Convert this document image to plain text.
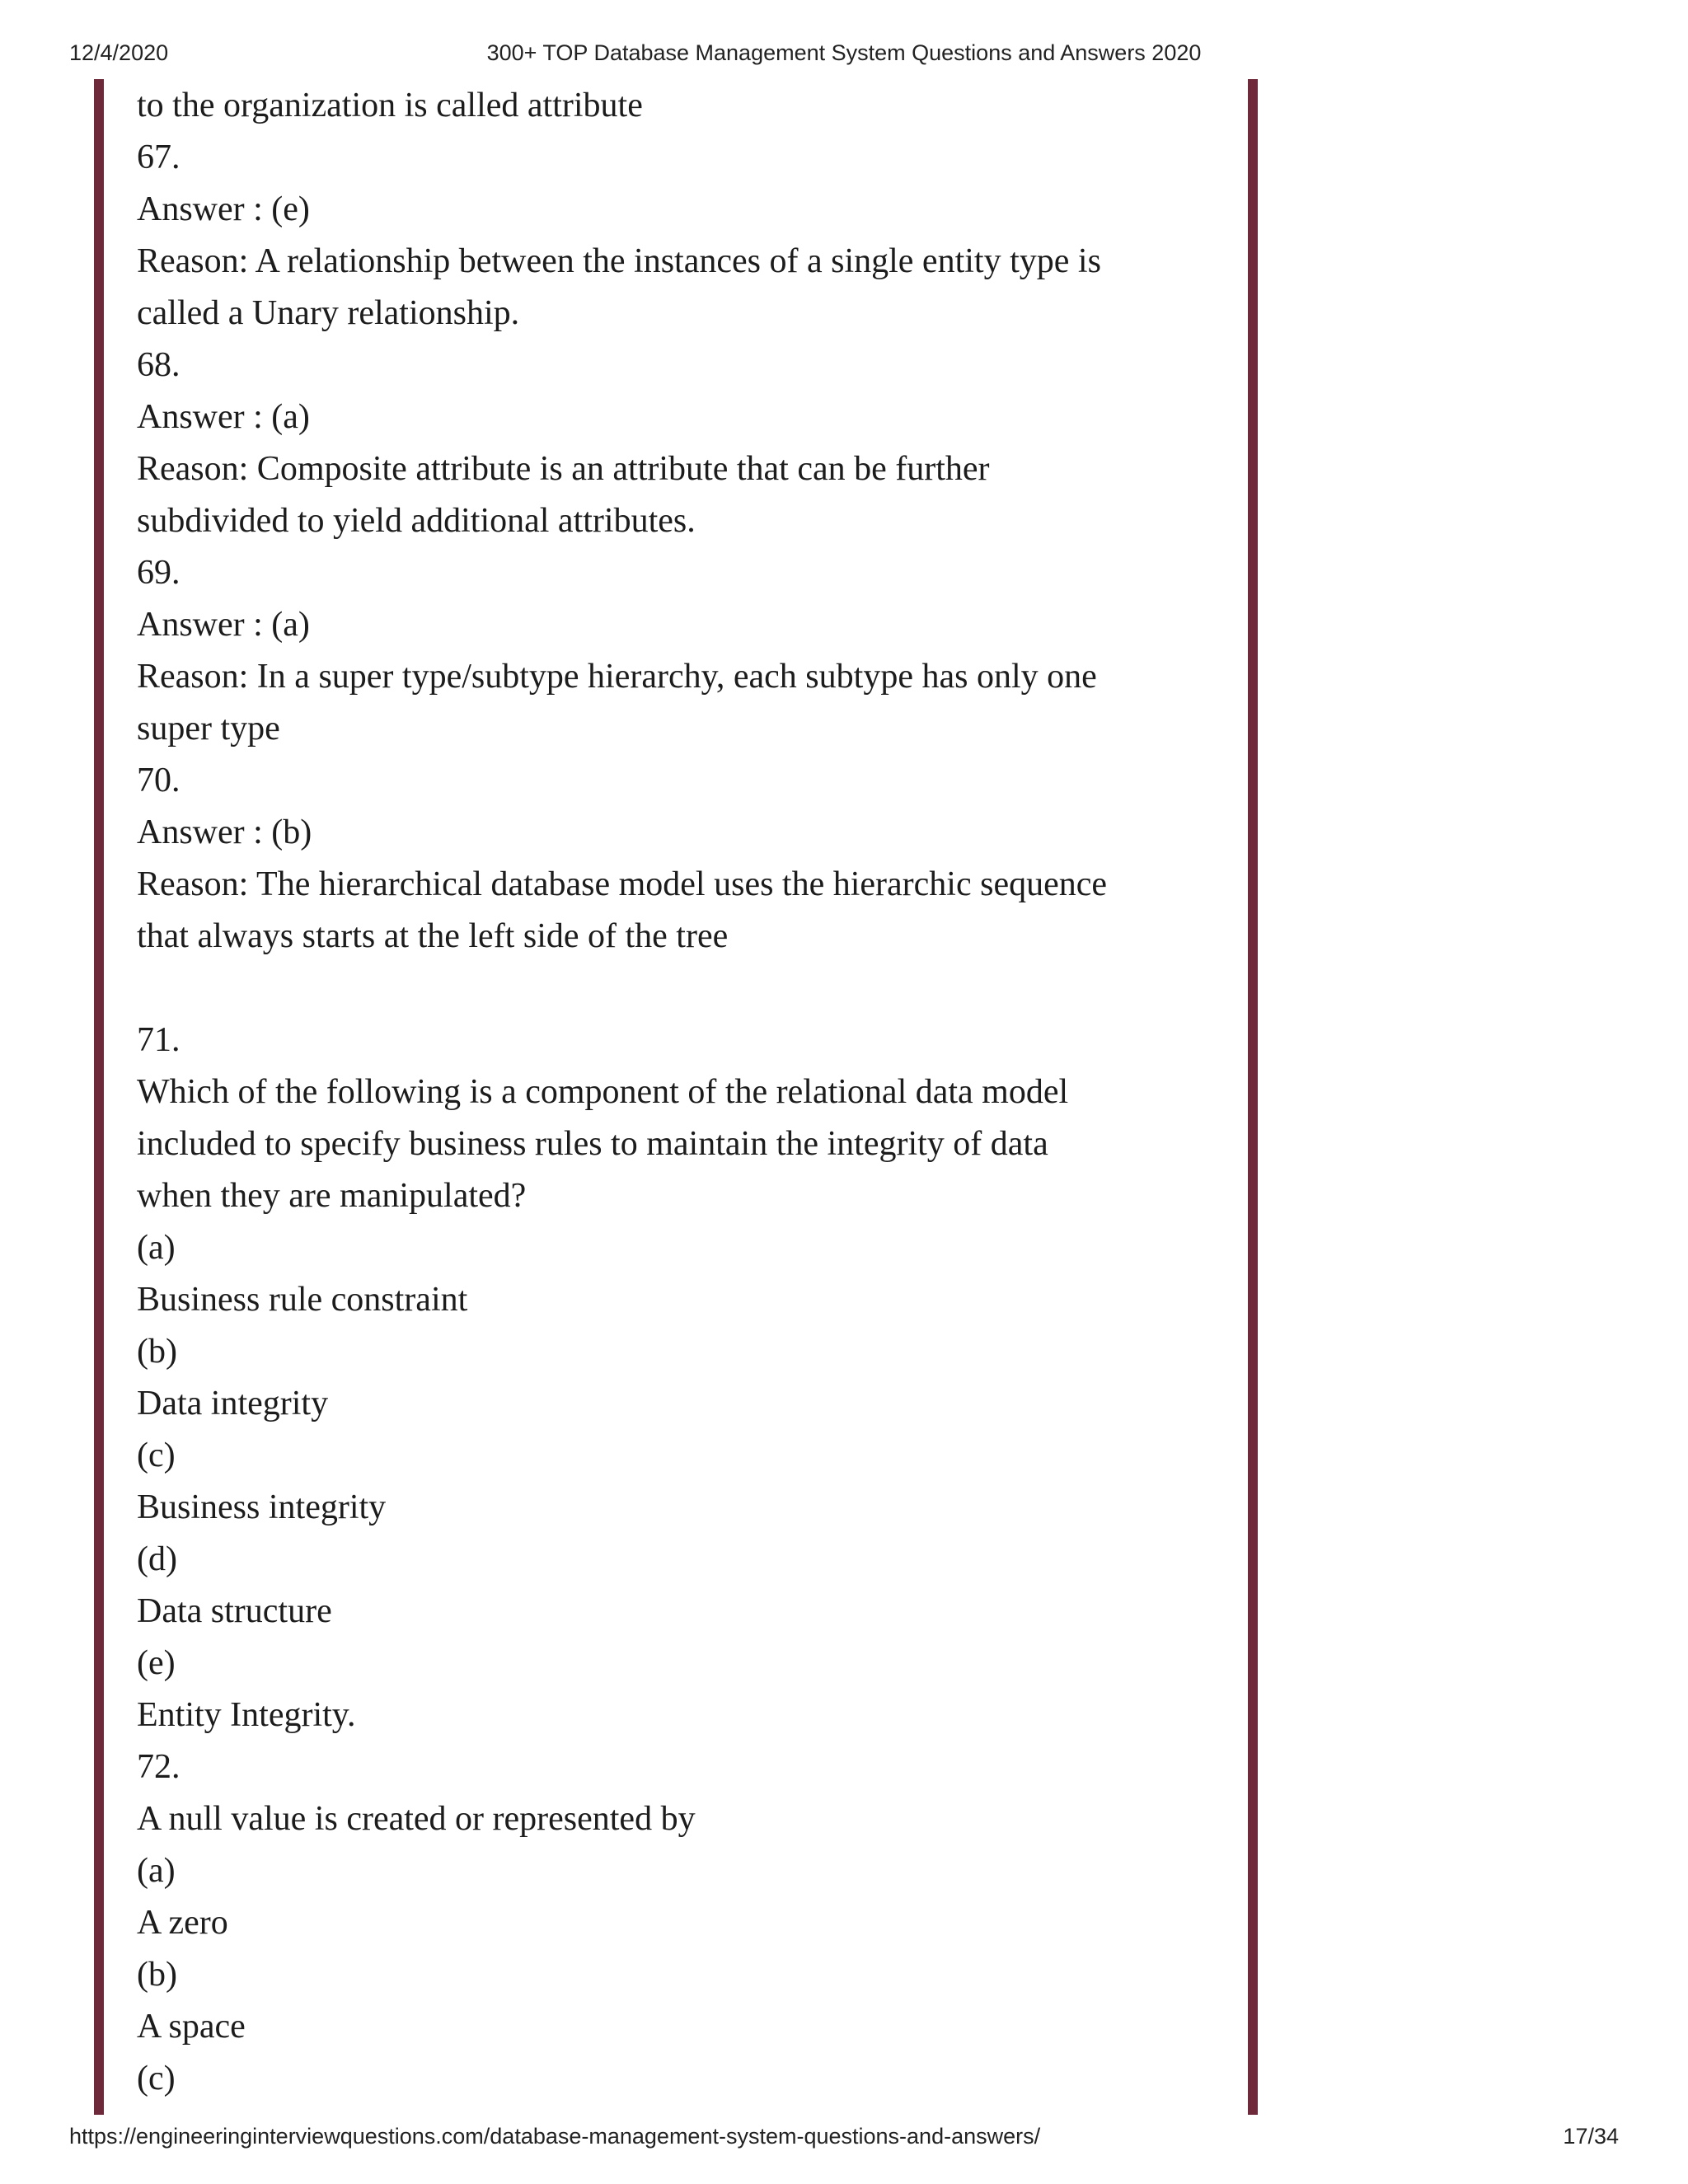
12/4/2020	300+ TOP Database Management System Questions and Answers 2020
to the organization is called attribute
67.
Answer : (e)
Reason: A relationship between the instances of a single entity type is
called a Unary relationship.
68.
Answer : (a)
Reason: Composite attribute is an attribute that can be further
subdivided to yield additional attributes.
69.
Answer : (a)
Reason: In a super type/subtype hierarchy, each subtype has only one
super type
70.
Answer : (b)
Reason: The hierarchical database model uses the hierarchic sequence
that always starts at the left side of the tree
71.
Which of the following is a component of the relational data model
included to specify business rules to maintain the integrity of data
when they are manipulated?
(a)
Business rule constraint
(b)
Data integrity
(c)
Business integrity
(d)
Data structure
(e)
Entity Integrity.
72.
A null value is created or represented by
(a)
A zero
(b)
A space
(c)
https://engineeringinterviewquestions.com/database-management-system-questions-and-answers/	17/34
